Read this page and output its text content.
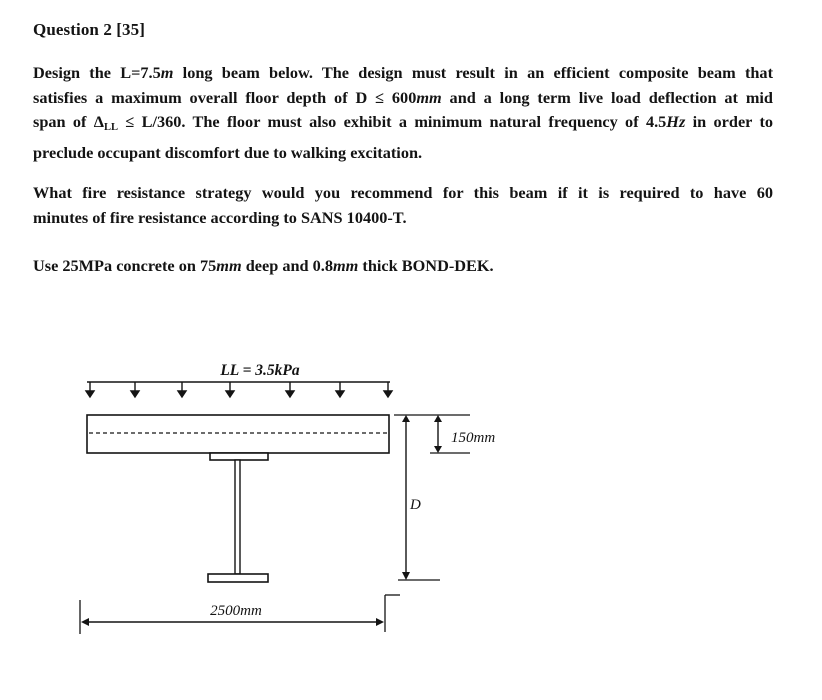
Question 2 [35]
Design the L=7.5m long beam below. The design must result in an efficient composite beam that
satisfies a maximum overall floor depth of D ≤ 600mm and a long term live load deflection at mid
span of $\Delta_{LL} \le L/360$. The floor must also exhibit a minimum natural frequency of 4.5Hz in order to
preclude occupant discomfort due to walking excitation.
What fire resistance strategy would you recommend for this beam if it is required to have 60
minutes of fire resistance according to SANS 10400-T.
Use 25MPa concrete on 75mm deep and 0.8mm thick BOND-DEK.
LL = 3.5kPa
150mm
D
2500mm
